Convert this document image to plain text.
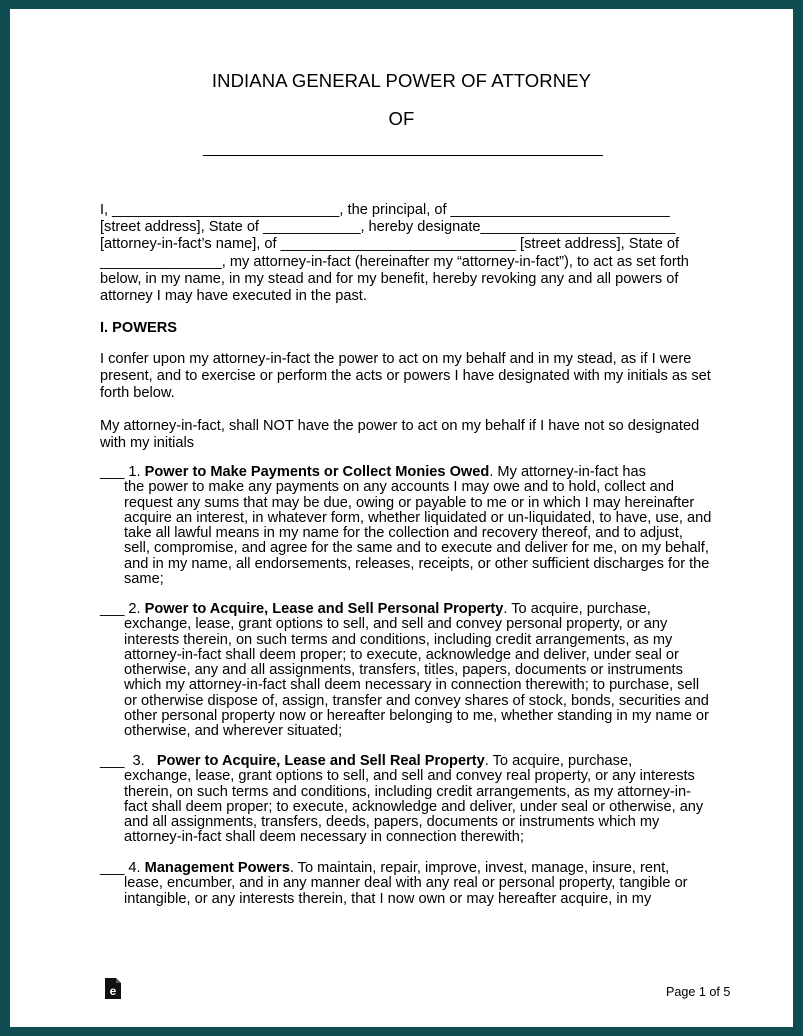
INDIANA GENERAL POWER OF ATTORNEY
OF

I, ____________________________, the principal, of ___________________________ [street address], State of ____________, hereby designate________________________ [attorney-in-fact’s name], of _____________________________ [street address], State of _______________, my attorney-in-fact (hereinafter my “attorney-in-fact”), to act as set forth below, in my name, in my stead and for my benefit, hereby revoking any and all powers of attorney I may have executed in the past.

I. POWERS

I confer upon my attorney-in-fact the power to act on my behalf and in my stead, as if I were present, and to exercise or perform the acts or powers I have designated with my initials as set forth below.

My attorney-in-fact, shall NOT have the power to act on my behalf if I have not so designated with my initials

___ 1. Power to Make Payments or Collect Monies Owed. My attorney-in-fact has
the power to make any payments on any accounts I may owe and to hold, collect and request any sums that may be due, owing or payable to me or in which I may hereinafter acquire an interest, in whatever form, whether liquidated or un-liquidated, to have, use, and take all lawful means in my name for the collection and recovery thereof, and to adjust, sell, compromise, and agree for the same and to execute and deliver for me, on my behalf, and in my name, all endorsements, releases, receipts, or other sufficient discharges for the same;
___ 2. Power to Acquire, Lease and Sell Personal Property. To acquire, purchase,
exchange, lease, grant options to sell, and sell and convey personal property, or any interests therein, on such terms and conditions, including credit arrangements, as my attorney-in-fact shall deem proper; to execute, acknowledge and deliver, under seal or otherwise, any and all assignments, transfers, titles, papers, documents or instruments which my attorney-in-fact shall deem necessary in connection therewith; to purchase, sell or otherwise dispose of, assign, transfer and convey shares of stock, bonds, securities and other personal property now or hereafter belonging to me, whether standing in my name or otherwise, and wherever situated;
___ 3. Power to Acquire, Lease and Sell Real Property. To acquire, purchase,
exchange, lease, grant options to sell, and sell and convey real property, or any interests therein, on such terms and conditions, including credit arrangements, as my attorney-in-fact shall deem proper; to execute, acknowledge and deliver, under seal or otherwise, any and all assignments, transfers, deeds, papers, documents or instruments which my attorney-in-fact shall deem necessary in connection therewith;
___ 4. Management Powers. To maintain, repair, improve, invest, manage, insure, rent,
lease, encumber, and in any manner deal with any real or personal property, tangible or intangible, or any interests therein, that I now own or may hereafter acquire, in my
e	Page 1 of 5
